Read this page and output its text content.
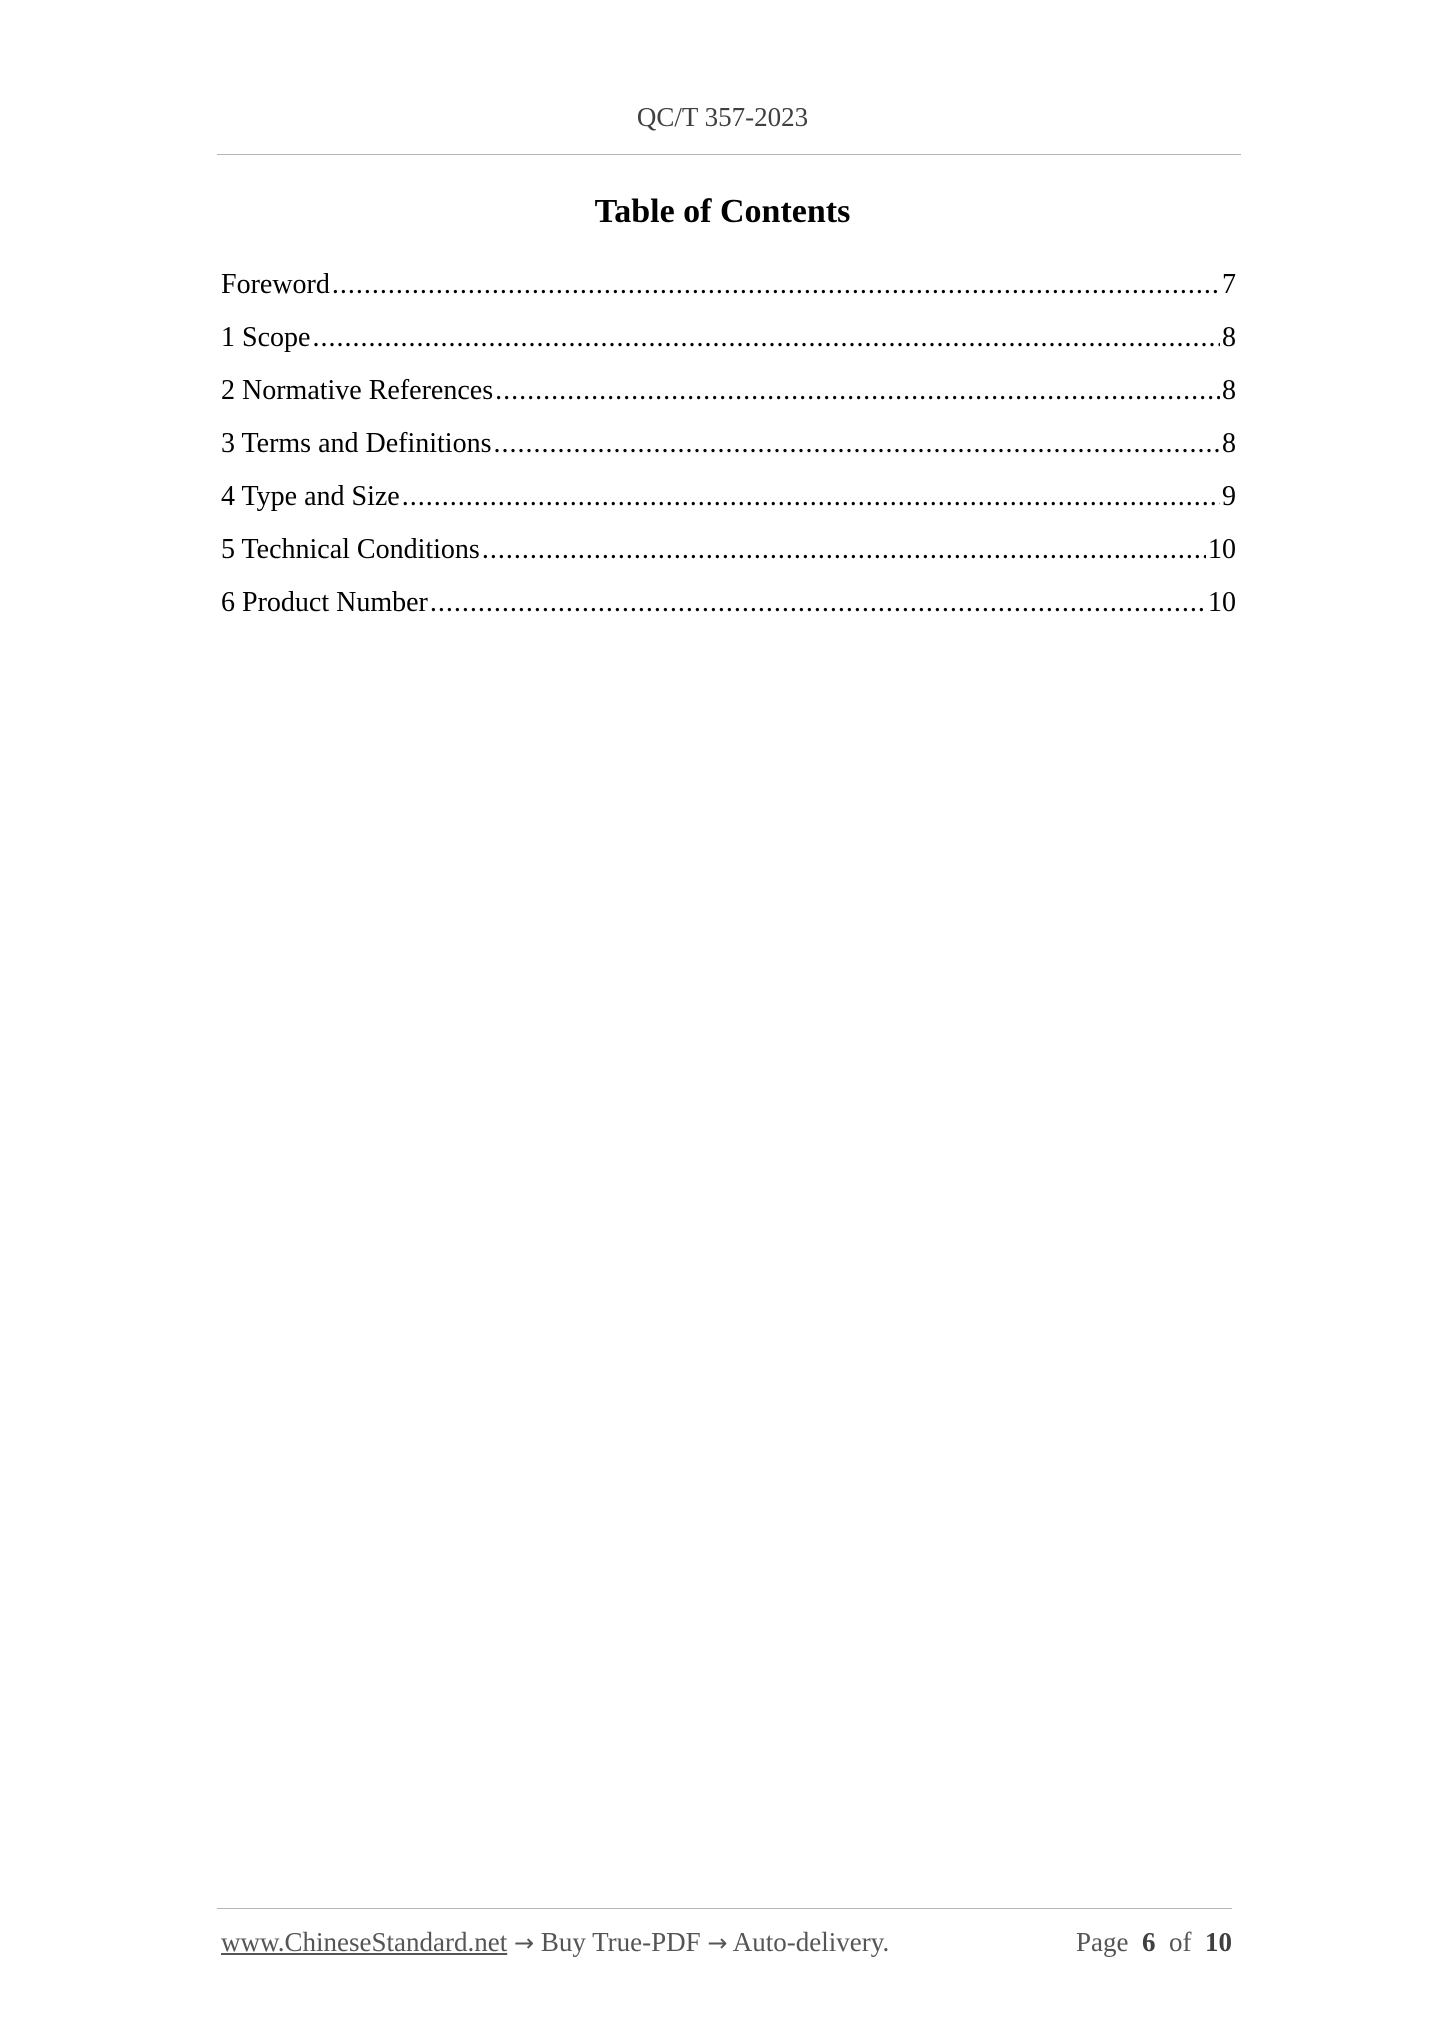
QC/T 357-2023
Table of Contents
Foreword .....	7
1 Scope .....	8
2 Normative References .....	8
3 Terms and Definitions .....	8
4 Type and Size .....	9
5 Technical Conditions .....	10
6 Product Number .....	10
www.ChineseStandard.net → Buy True-PDF → Auto-delivery.	Page 6 of 10
